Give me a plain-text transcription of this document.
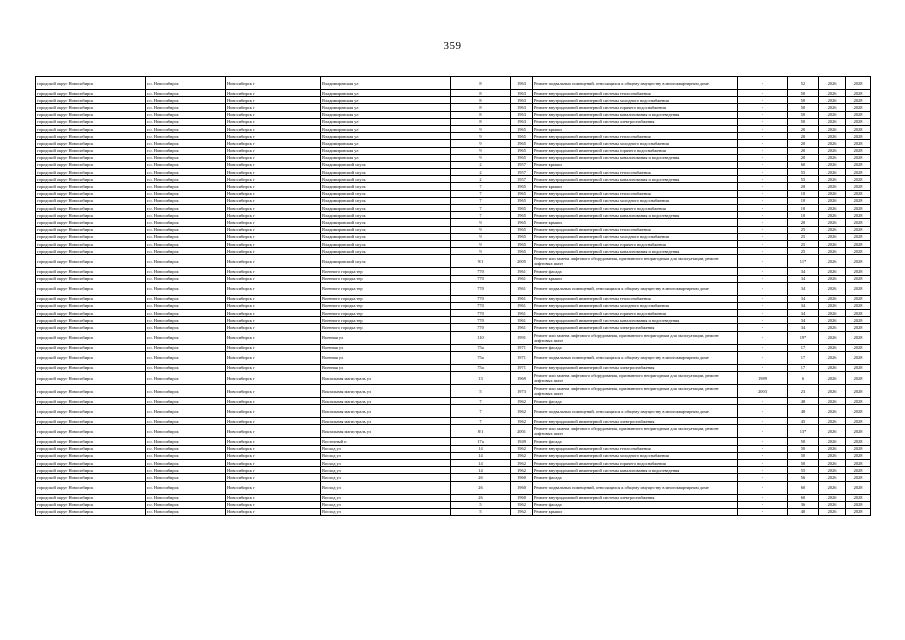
359
городской округ Новосибирск	г.о. Новосибирск	Новосибирск г	Владимировская ул	8	1963	Ремонт подвальных помещений, относящихся к общему имуществу в многоквартирном доме	-	52	2026	2028
городской округ Новосибирск	г.о. Новосибирск	Новосибирск г	Владимировская ул	8	1963	Ремонт внутридомовой инженерной системы теплоснабжения	-	50	2026	2028
городской округ Новосибирск	г.о. Новосибирск	Новосибирск г	Владимировская ул	8	1963	Ремонт внутридомовой инженерной системы холодного водоснабжения	-	50	2026	2028
городской округ Новосибирск	г.о. Новосибирск	Новосибирск г	Владимировская ул	8	1963	Ремонт внутридомовой инженерной системы горячего водоснабжения	-	50	2026	2028
городской округ Новосибирск	г.о. Новосибирск	Новосибирск г	Владимировская ул	8	1963	Ремонт внутридомовой инженерной системы канализования и водоотведения	-	50	2026	2028
городской округ Новосибирск	г.о. Новосибирск	Новосибирск г	Владимировская ул	8	1963	Ремонт внутридомовой инженерной системы электроснабжения	-	50	2026	2028
городской округ Новосибирск	г.о. Новосибирск	Новосибирск г	Владимировская ул	9	1965	Ремонт крыши	-	20	2026	2028
городской округ Новосибирск	г.о. Новосибирск	Новосибирск г	Владимировская ул	9	1965	Ремонт внутридомовой инженерной системы теплоснабжения	-	20	2026	2028
городской округ Новосибирск	г.о. Новосибирск	Новосибирск г	Владимировская ул	9	1965	Ремонт внутридомовой инженерной системы холодного водоснабжения	-	20	2026	2028
городской округ Новосибирск	г.о. Новосибирск	Новосибирск г	Владимировская ул	9	1965	Ремонт внутридомовой инженерной системы горячего водоснабжения	-	20	2026	2028
городской округ Новосибирск	г.о. Новосибирск	Новосибирск г	Владимировская ул	9	1965	Ремонт внутридомовой инженерной системы канализования и водоотведения	-	20	2026	2028
городской округ Новосибирск	г.о. Новосибирск	Новосибирск г	Владимировский спуск	2	1957	Ремонт крыши	-	60	2026	2028
городской округ Новосибирск	г.о. Новосибирск	Новосибирск г	Владимировский спуск	2	1957	Ремонт внутридомовой инженерной системы теплоснабжения	-	55	2026	2028
городской округ Новосибирск	г.о. Новосибирск	Новосибирск г	Владимировский спуск	2	1957	Ремонт внутридомовой инженерной системы канализования и водоотведения	-	55	2026	2028
городской округ Новосибирск	г.о. Новосибирск	Новосибирск г	Владимировский спуск	7	1965	Ремонт крыши	-	20	2026	2028
городской округ Новосибирск	г.о. Новосибирск	Новосибирск г	Владимировский спуск	7	1965	Ремонт внутридомовой инженерной системы теплоснабжения	-	10	2026	2028
городской округ Новосибирск	г.о. Новосибирск	Новосибирск г	Владимировский спуск	7	1965	Ремонт внутридомовой инженерной системы холодного водоснабжения	-	10	2026	2028
городской округ Новосибирск	г.о. Новосибирск	Новосибирск г	Владимировский спуск	7	1965	Ремонт внутридомовой инженерной системы горячего водоснабжения	-	10	2026	2028
городской округ Новосибирск	г.о. Новосибирск	Новосибирск г	Владимировский спуск	7	1965	Ремонт внутридомовой инженерной системы канализования и водоотведения	-	10	2026	2028
городской округ Новосибирск	г.о. Новосибирск	Новосибирск г	Владимировский спуск	9	1965	Ремонт крыши	-	20	2026	2028
городской округ Новосибирск	г.о. Новосибирск	Новосибирск г	Владимировский спуск	9	1965	Ремонт внутридомовой инженерной системы теплоснабжения	-	25	2026	2028
городской округ Новосибирск	г.о. Новосибирск	Новосибирск г	Владимировский спуск	9	1965	Ремонт внутридомовой инженерной системы холодного водоснабжения	-	25	2026	2028
городской округ Новосибирск	г.о. Новосибирск	Новосибирск г	Владимировский спуск	9	1965	Ремонт внутридомовой инженерной системы горячего водоснабжения	-	25	2026	2028
городской округ Новосибирск	г.о. Новосибирск	Новосибирск г	Владимировский спуск	9	1965	Ремонт внутридомовой инженерной системы канализования и водоотведения	-	25	2026	2028
городской округ Новосибирск	г.о. Новосибирск	Новосибирск г	Владимировский спуск	9/1	2005	Ремонт или замена лифтового оборудования, признанного непригодным для эксплуатации, ремонт лифтовых шахт	-	11*	2026	2028
городской округ Новосибирск	г.о. Новосибирск	Новосибирск г	Военного городка тер	770	1961	Ремонт фасада	-	34	2026	2028
городской округ Новосибирск	г.о. Новосибирск	Новосибирск г	Военного городка тер	770	1961	Ремонт крыши	-	34	2026	2028
городской округ Новосибирск	г.о. Новосибирск	Новосибирск г	Военного городка тер	770	1961	Ремонт подвальных помещений, относящихся к общему имуществу в многоквартирном доме	-	34	2026	2028
городской округ Новосибирск	г.о. Новосибирск	Новосибирск г	Военного городка тер	770	1961	Ремонт внутридомовой инженерной системы теплоснабжения	-	34	2026	2028
городской округ Новосибирск	г.о. Новосибирск	Новосибирск г	Военного городка тер	770	1961	Ремонт внутридомовой инженерной системы холодного водоснабжения	-	34	2026	2028
городской округ Новосибирск	г.о. Новосибирск	Новосибирск г	Военного городка тер	770	1961	Ремонт внутридомовой инженерной системы горячего водоснабжения	-	34	2026	2028
городской округ Новосибирск	г.о. Новосибирск	Новосибирск г	Военного городка тер	770	1961	Ремонт внутридомовой инженерной системы канализования и водоотведения	-	34	2026	2028
городской округ Новосибирск	г.о. Новосибирск	Новосибирск г	Военного городка тер	770	1961	Ремонт внутридомовой инженерной системы электроснабжения	-	34	2026	2028
городской округ Новосибирск	г.о. Новосибирск	Новосибирск г	Военная ул	110	1991	Ремонт или замена лифтового оборудования, признанного непригодным для эксплуатации, ремонт лифтовых шахт	-	19*	2026	2028
городской округ Новосибирск	г.о. Новосибирск	Новосибирск г	Военная ул	75а	1971	Ремонт фасада	-	17	2026	2028
городской округ Новосибирск	г.о. Новосибирск	Новосибирск г	Военная ул	75а	1971	Ремонт подвальных помещений, относящихся к общему имуществу в многоквартирном доме	-	17	2026	2028
городской округ Новосибирск	г.о. Новосибирск	Новосибирск г	Военная ул	75а	1971	Ремонт внутридомовой инженерной системы электроснабжения	-	17	2026	2028
городской округ Новосибирск	г.о. Новосибирск	Новосибирск г	Вокзальная магистраль ул	13	1969	Ремонт или замена лифтового оборудования, признанного непригодным для эксплуатации, ремонт лифтовых шахт	1989	6	2026	2028
городской округ Новосибирск	г.о. Новосибирск	Новосибирск г	Вокзальная магистраль ул	5	1973	Ремонт или замена лифтового оборудования, признанного непригодным для эксплуатации, ремонт лифтовых шахт	2003	23	2026	2028
городской округ Новосибирск	г.о. Новосибирск	Новосибирск г	Вокзальная магистраль ул	7	1962	Ремонт фасада	-	48	2026	2028
городской округ Новосибирск	г.о. Новосибирск	Новосибирск г	Вокзальная магистраль ул	7	1962	Ремонт подвальных помещений, относящихся к общему имуществу в многоквартирном доме	-	48	2026	2028
городской округ Новосибирск	г.о. Новосибирск	Новосибирск г	Вокзальная магистраль ул	7	1962	Ремонт внутридомовой инженерной системы электроснабжения	-	45	2026	2028
городской округ Новосибирск	г.о. Новосибирск	Новосибирск г	Вокзальная магистраль ул	8/1	2001	Ремонт или замена лифтового оборудования, признанного непригодным для эксплуатации, ремонт лифтовых шахт	-	13*	2026	2028
городской округ Новосибирск	г.о. Новосибирск	Новосибирск г	Восточный п	17а	1949	Ремонт фасада	-	50	2026	2028
городской округ Новосибирск	г.о. Новосибирск	Новосибирск г	Восход ул	14	1962	Ремонт внутридомовой инженерной системы теплоснабжения	-	50	2026	2028
городской округ Новосибирск	г.о. Новосибирск	Новосибирск г	Восход ул	14	1962	Ремонт внутридомовой инженерной системы холодного водоснабжения	-	50	2026	2028
городской округ Новосибирск	г.о. Новосибирск	Новосибирск г	Восход ул	14	1962	Ремонт внутридомовой инженерной системы горячего водоснабжения	-	50	2026	2028
городской округ Новосибирск	г.о. Новосибирск	Новосибирск г	Восход ул	14	1962	Ремонт внутридомовой инженерной системы канализования и водоотведения	-	55	2026	2028
городской округ Новосибирск	г.о. Новосибирск	Новосибирск г	Восход ул	26	1960	Ремонт фасада	-	56	2026	2028
городской округ Новосибирск	г.о. Новосибирск	Новосибирск г	Восход ул	26	1960	Ремонт подвальных помещений, относящихся к общему имуществу в многоквартирном доме	-	60	2026	2028
городской округ Новосибирск	г.о. Новосибирск	Новосибирск г	Восход ул	26	1960	Ремонт внутридомовой инженерной системы электроснабжения	-	60	2026	2028
городской округ Новосибирск	г.о. Новосибирск	Новосибирск г	Восход ул	5	1962	Ремонт фасада	-	36	2026	2028
городской округ Новосибирск	г.о. Новосибирск	Новосибирск г	Восход ул	5	1962	Ремонт крыши	-	40	2026	2028
